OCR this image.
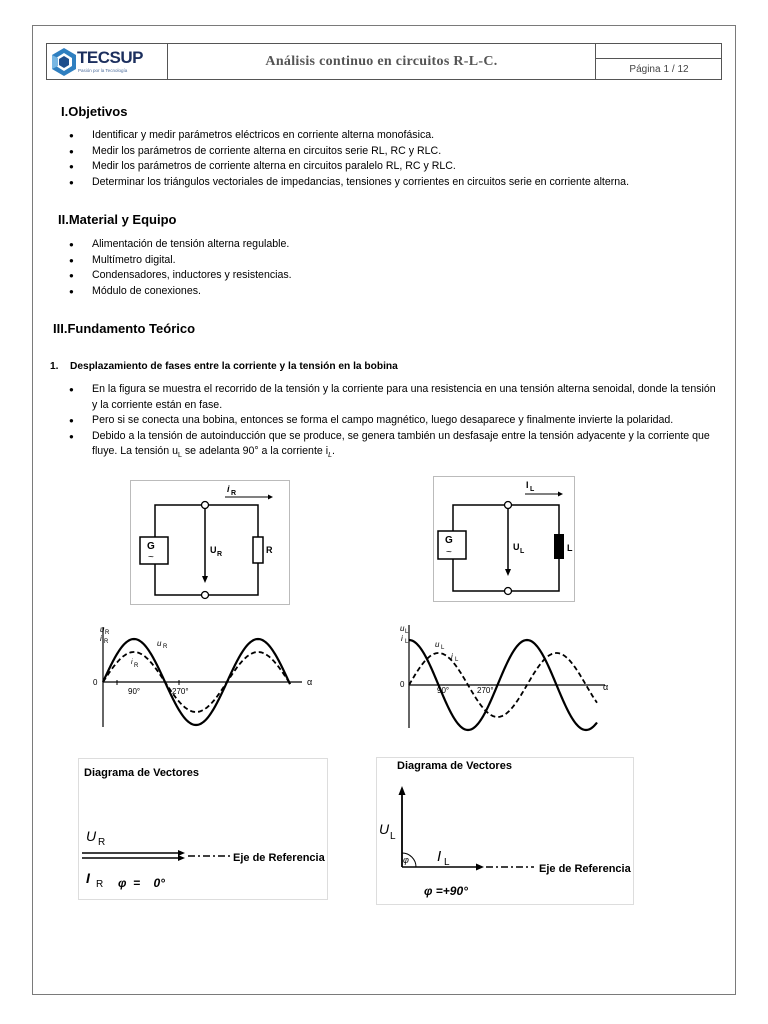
TECSUP
Pasión por la Tecnología
Análisis continuo en circuitos R-L-C.
Página 1 / 12
I.Objetivos
● Identificar y medir parámetros eléctricos en corriente alterna monofásica.
● Medir los parámetros de corriente alterna en circuitos serie RL, RC y RLC.
● Medir los parámetros de corriente alterna en circuitos paralelo RL, RC y RLC.
● Determinar los triángulos vectoriales de impedancias, tensiones y corrientes en circuitos serie en corriente alterna.
II.Material y Equipo
● Alimentación de tensión alterna regulable.
● Multímetro digital.
● Condensadores, inductores y resistencias.
● Módulo de conexiones.
III.Fundamento Teórico
1. Desplazamiento de fases entre la corriente y la tensión en la bobina
● En la figura se muestra el recorrido de la tensión y la corriente para una resistencia en una tensión alterna senoidal, donde la tensión y la corriente están en fase.
● Pero si se conecta una bobina, entonces se forma el campo magnético, luego desaparece y finalmente invierte la polaridad.
● Debido a la tensión de autoinducción que se produce, se genera también un desfasaje entre la tensión adyacente y la corriente que fluye. La tensión $u_L$ se adelanta 90° a la corriente $i_L$.
G
~
R
U R
i R
G
~	L
U L
I L
u R
i R	u R
i R
0
90°	270°
α
u L
i L	u L
i L
0
90°	270°	α
Diagrama de Vectores
U R
Eje de Referencia
I R φ  =    0°
Diagrama de Vectores
φ
U L
I L
Eje de Referencia
φ =+90°
